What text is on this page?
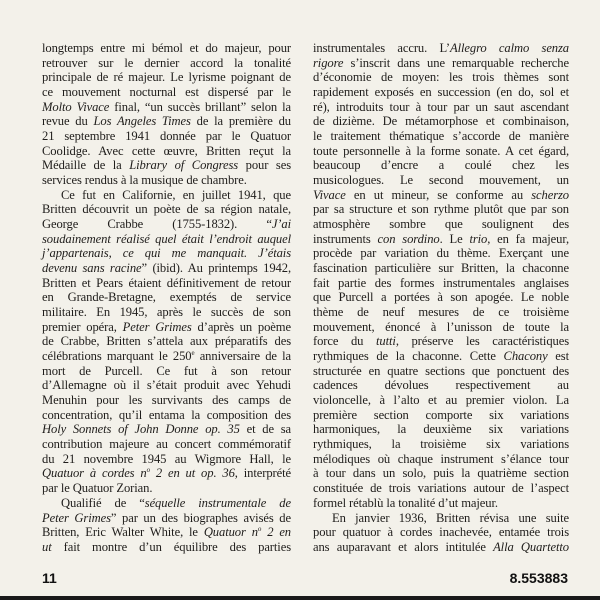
longtemps entre mi bémol et do majeur, pour
retrouver sur le dernier accord la tonalité
principale de ré majeur. Le lyrisme poignant de
ce mouvement nocturnal est dispersé par le
Molto Vivace final, “un succès brillant” selon la
revue du Los Angeles Times de la première du
21 septembre 1941 donnée par le Quatuor
Coolidge. Avec cette œuvre, Britten reçut la
Médaille de la Library of Congress pour ses
services rendus à la musique de chambre.
Ce fut en Californie, en juillet 1941, que
Britten découvrit un poète de sa région natale,
George Crabbe (1755-1832). “J’ai
soudainement réalisé quel était l’endroit auquel
j’appartenais, ce qui me manquait. J’étais
devenu sans racine” (ibid). Au printemps 1942,
Britten et Pears étaient définitivement de retour
en Grande-Bretagne, exemptés de service
militaire. En 1945, après le succès de son
premier opéra, Peter Grimes d’après un poème
de Crabbe, Britten s’attela aux préparatifs des
célébrations marquant le 250e anniversaire de la
mort de Purcell. Ce fut à son retour
d’Allemagne où il s’était produit avec Yehudi
Menuhin pour les survivants des camps de
concentration, qu’il entama la composition des
Holy Sonnets of John Donne op. 35 et de sa
contribution majeure au concert commémoratif
du 21 novembre 1945 au Wigmore Hall, le
Quatuor à cordes $n^o$ 2 en ut op. 36, interprété
par le Quatuor Zorian.
Qualifié de “séquelle instrumentale de
Peter Grimes” par un des biographes avisés de
Britten, Eric Walter White, le Quatuor $n^o$ 2 en
ut fait montre d’un équilibre des parties
instrumentales accru. L’Allegro calmo senza
rigore s’inscrit dans une remarquable recherche
d’économie de moyen: les trois thèmes sont
rapidement exposés en succession (en do, sol et
ré), introduits tour à tour par un saut ascendant
de dizième. De métamorphose et combinaison,
le traitement thématique s’accorde de manière
toute personnelle à la forme sonate. A cet égard,
beaucoup d’encre a coulé chez les
musicologues. Le second mouvement, un
Vivace en ut mineur, se conforme au scherzo
par sa structure et son rythme plutôt que par son
atmosphère sombre que soulignent des
instruments con sordino. Le trio, en fa majeur,
procède par variation du thème. Exerçant une
fascination particulière sur Britten, la chaconne
fait partie des formes instrumentales anglaises
que Purcell a portées à son apogée. Le noble
thème de neuf mesures de ce troisième
mouvement, énoncé à l’unisson de toute la
force du tutti, préserve les caractéristiques
rythmiques de la chaconne. Cette Chacony est
structurée en quatre sections que ponctuent des
cadences dévolues respectivement au
violoncelle, à l’alto et au premier violon. La
première section comporte six variations
harmoniques, la deuxième six variations
rythmiques, la troisième six variations
mélodiques où chaque instrument s’élance tour
à tour dans un solo, puis la quatrième section
constituée de trois variations autour de l’aspect
formel rétablù la tonalité d’ut majeur.
En janvier 1936, Britten révisa une suite
pour quatuor à cordes inachevée, entamée trois
ans auparavant et alors intitulée Alla Quartetto
11	8.553883
